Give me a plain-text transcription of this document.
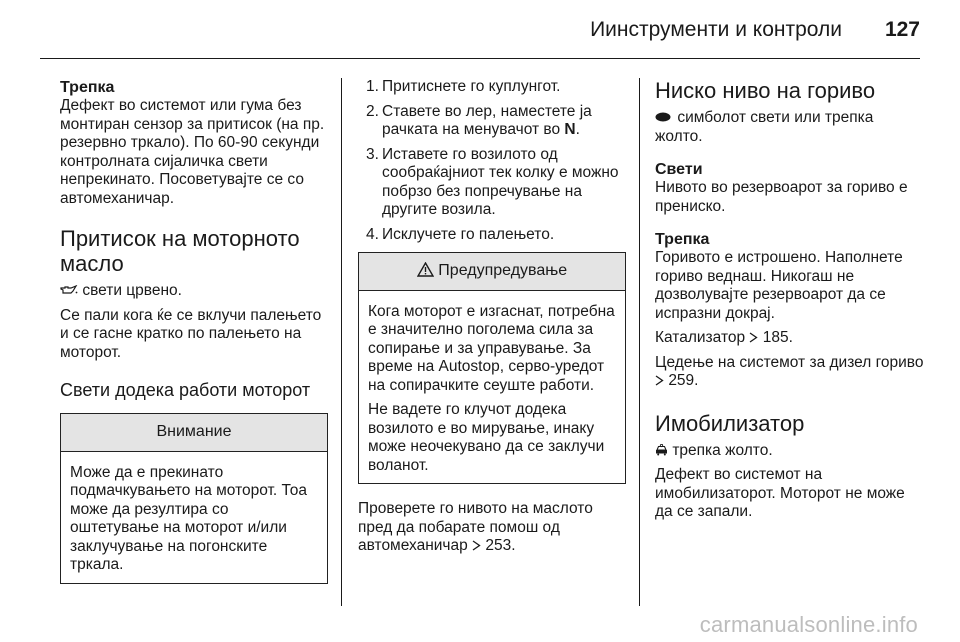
Иинструменти и контроли 127

Трепка

Дефект во системот или гума без монтиран сензор за притисок (на пр. резервно тркало). По 60-90 секунди контролната сијаличка свети непрекинато. Посоветувајте се со автомеханичар.

Притисок на моторното масло

свети црвено.

Се пали кога ќе се вклучи палењето и се гасне кратко по палењето на моторот.

Свети додека работи моторот

Внимание

Може да е прекинато подмачкувањето на моторот. Тоа може да резултира со оштетување на моторот и/или заклучување на погонските тркала.

1. Притиснете го куплунгот.
2. Ставете во лер, наместете ја рачката на менувачот во N.
3. Иставете го возилото од сообраќајниот тек колку е можно побрзо без попречување на другите возила.
4. Исклучете го палењето.
Предупредување

Кога моторот е изгаснат, потребна е значително поголема сила за сопирање и за управување. За време на Autostop, серво-уредот на сопирачките сеуште работи.

Не вадете го клучот додека возилото е во мирување, инаку може неочекувано да се заклучи воланот.

Проверете го нивото на маслото пред да побарате помош од автомеханичар 253.

Ниско ниво на гориво

симболот свети или трепка жолто.

Свети

Нивото во резервоарот за гориво е прениско.

Трепка

Горивото е истрошено. Наполнете гориво веднаш. Никогаш не дозволувајте резервоарот да се испразни докрај.

Катализатор 185.

Цедење на системот за дизел гориво  259.

Имобилизатор

трепка жолто.

Дефект во системот на имобилизаторот. Моторот не може да се запали.

carmanualsonline.info
